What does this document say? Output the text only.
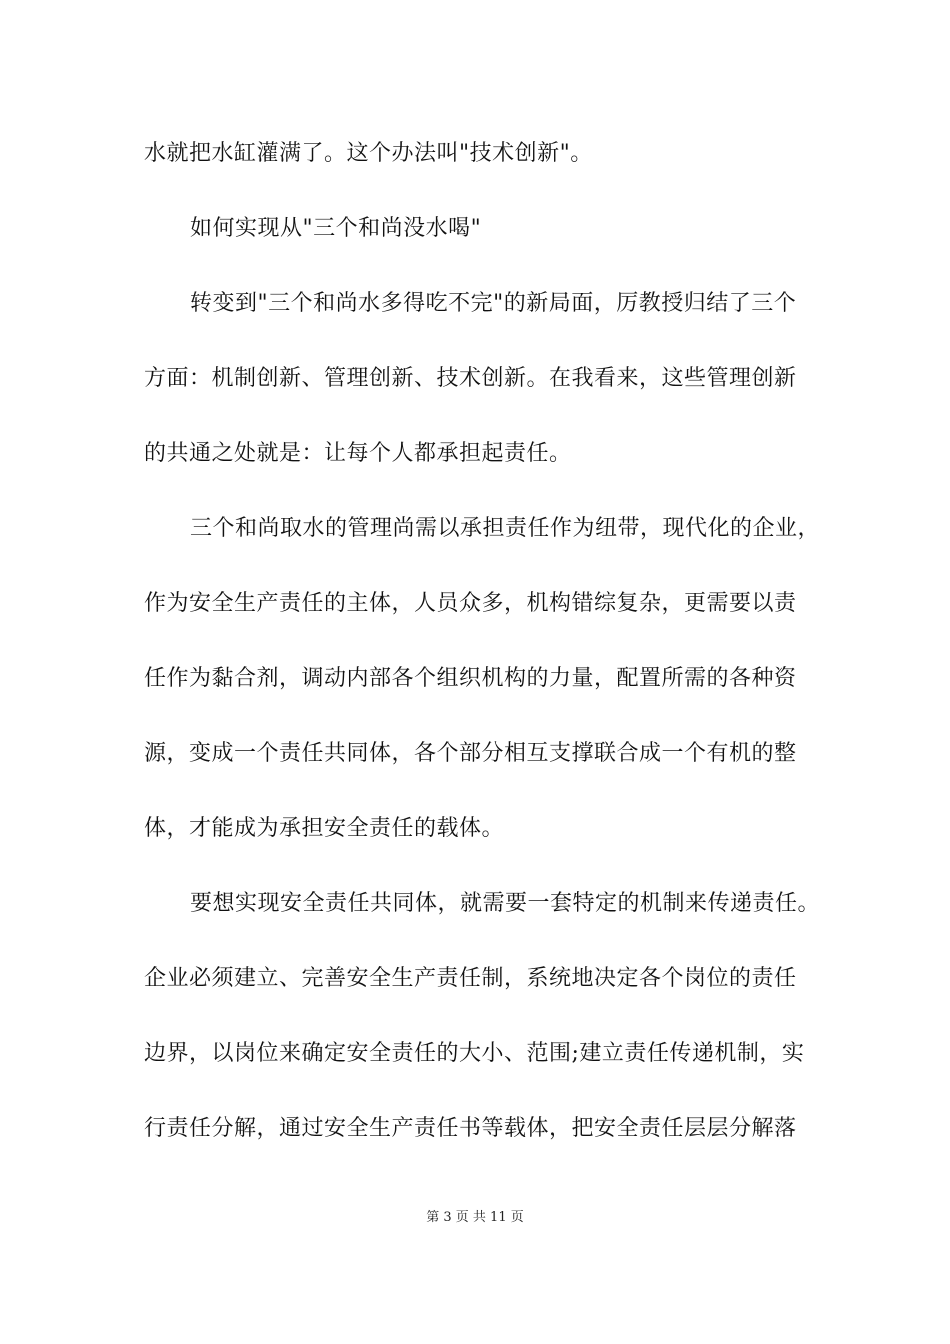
水就把水缸灌满了。这个办法叫"技术创新"。
如何实现从"三个和尚没水喝"
转变到"三个和尚水多得吃不完"的新局面，厉教授归结了三个
方面：机制创新、管理创新、技术创新。在我看来，这些管理创新
的共通之处就是：让每个人都承担起责任。
三个和尚取水的管理尚需以承担责任作为纽带，现代化的企业，
作为安全生产责任的主体，人员众多，机构错综复杂，更需要以责
任作为黏合剂，调动内部各个组织机构的力量，配置所需的各种资
源，变成一个责任共同体，各个部分相互支撑联合成一个有机的整
体，才能成为承担安全责任的载体。
要想实现安全责任共同体，就需要一套特定的机制来传递责任。
企业必须建立、完善安全生产责任制，系统地决定各个岗位的责任
边界，以岗位来确定安全责任的大小、范围;建立责任传递机制，实
行责任分解，通过安全生产责任书等载体，把安全责任层层分解落
第 3 页 共 11 页
